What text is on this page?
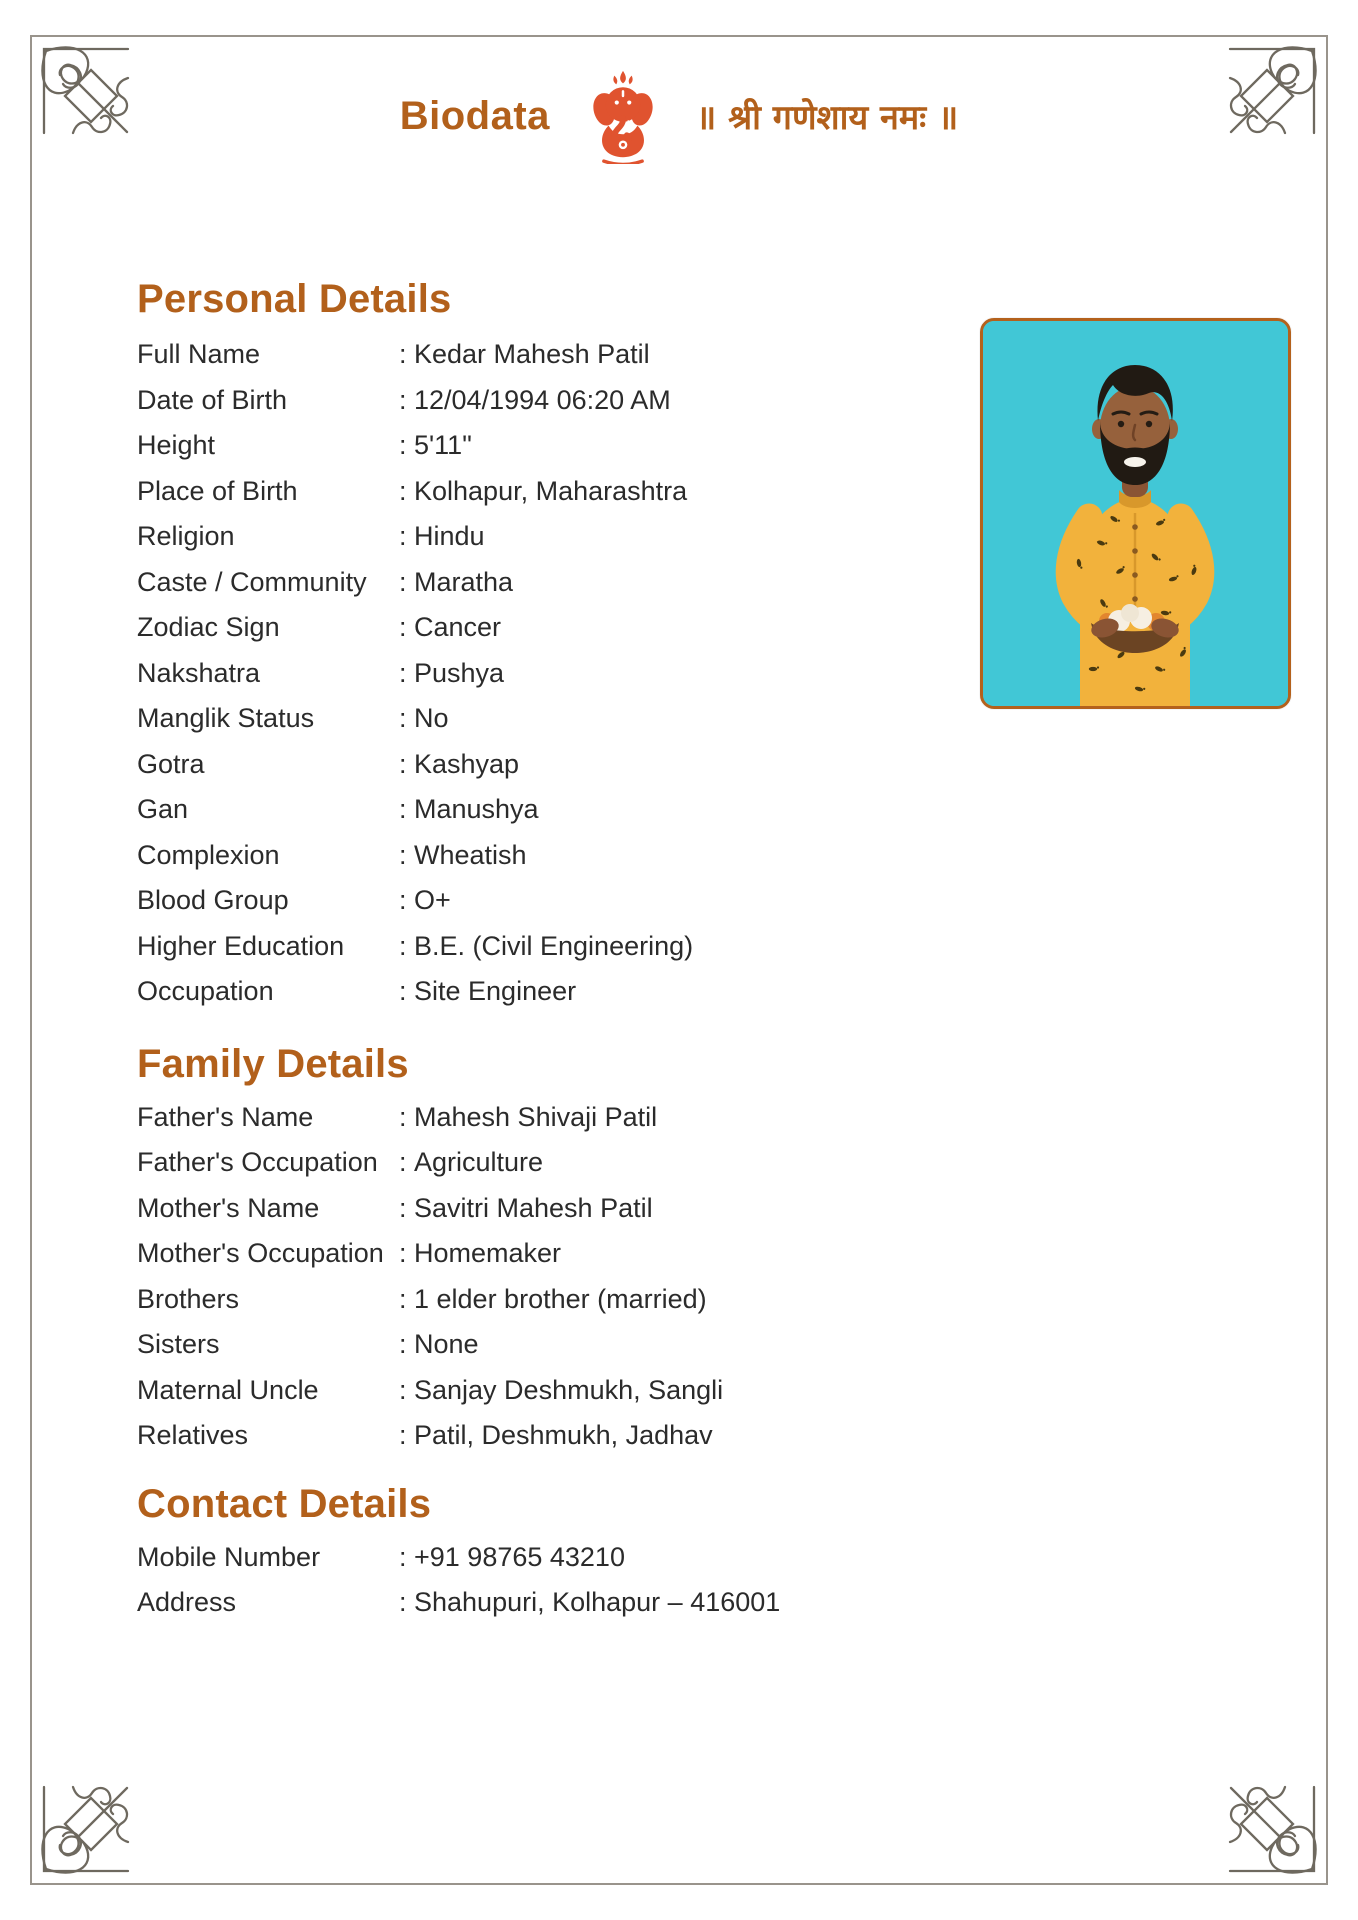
Biodata	॥ श्री गणेशाय नमः ॥
Personal Details
Full Name	: Kedar Mahesh Patil
Date of Birth	: 12/04/1994 06:20 AM
Height	: 5'11"
Place of Birth	: Kolhapur, Maharashtra
Religion	: Hindu
Caste / Community	: Maratha
Zodiac Sign	: Cancer
Nakshatra	: Pushya
Manglik Status	: No
Gotra	: Kashyap
Gan	: Manushya
Complexion	: Wheatish
Blood Group	: O+
Higher Education	: B.E. (Civil Engineering)
Occupation	: Site Engineer
Family Details
Father's Name	: Mahesh Shivaji Patil
Father's Occupation : Agriculture
Mother's Name	: Savitri Mahesh Patil
Mother's Occupation : Homemaker
Brothers	: 1 elder brother (married)
Sisters	: None
Maternal Uncle	: Sanjay Deshmukh, Sangli
Relatives	: Patil, Deshmukh, Jadhav
Contact Details
Mobile Number	: +91 98765 43210
Address	: Shahupuri, Kolhapur – 416001
